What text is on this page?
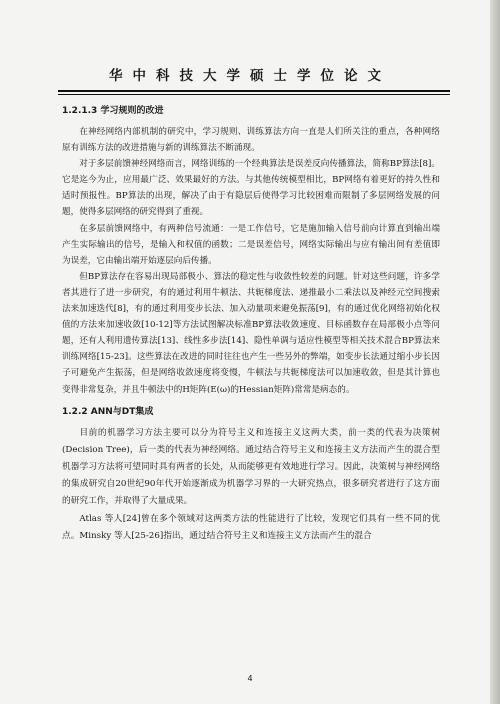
华中科技大学硕士学位论文
1.2.1.3 学习规则的改进

在神经网络内部机制的研究中，学习规则、训练算法方向一直是人们所关注的重点，各种网络原有训练方法的改进措施与新的训练算法不断涌现。

对于多层前馈神经网络而言，网络训练的一个经典算法是误差反向传播算法，简称BP算法[8]。它是迄今为止，应用最广泛、效果最好的方法。与其他传统模型相比，BP网络有着更好的持久性和适时预报性。BP算法的出现，解决了由于有隐层后使得学习比较困难而限制了多层网络发展的问题，使得多层网络的研究得到了重视。

在多层前馈网络中，有两种信号流通：一是工作信号，它是施加输入信号前向计算直到输出端产生实际输出的信号，是输入和权值的函数；二是误差信号，网络实际输出与应有输出间有差值即为误差，它由输出端开始逐层向后传播。

但BP算法存在容易出现局部极小、算法的稳定性与收敛性较差的问题。针对这些问题，许多学者其进行了进一步研究，有的通过利用牛顿法、共轭梯度法、递推最小二乘法以及神经元空间搜索法来加速迭代[8]，有的通过利用变步长法、加入动量项来避免振荡[9]，有的通过优化网络初始化权值的方法来加速收敛[10-12]等方法试图解决标准BP算法收敛速度、目标函数存在局部极小点等问题，还有人利用遗传算法[13]、线性多步法[14]、隐性单调与适应性模型等相关技术混合BP算法来训练网络[15-23]。这些算法在改进的同时往往也产生一些另外的弊端，如变步长法通过缩小步长因子可避免产生振荡，但是网络收敛速度将变慢，牛顿法与共轭梯度法可以加速收敛，但是其计算也变得非常复杂，并且牛顿法中的H矩阵(E(ω)的Hessian矩阵)常常是病态的。

1.2.2 ANN与DT集成

目前的机器学习方法主要可以分为符号主义和连接主义这两大类，前一类的代表为决策树(Decision Tree)，后一类的代表为神经网络。通过结合符号主义和连接主义方法而产生的混合型机器学习方法将可望同时具有两者的长处，从而能够更有效地进行学习。因此，决策树与神经网络的集成研究自20世纪90年代开始逐渐成为机器学习界的一大研究热点，很多研究者进行了这方面的研究工作，并取得了大量成果。

Atlas 等人[24]曾在多个领域对这两类方法的性能进行了比较，发现它们具有一些不同的优点。Minsky 等人[25-26]指出，通过结合符号主义和连接主义方法而产生的混合

4
